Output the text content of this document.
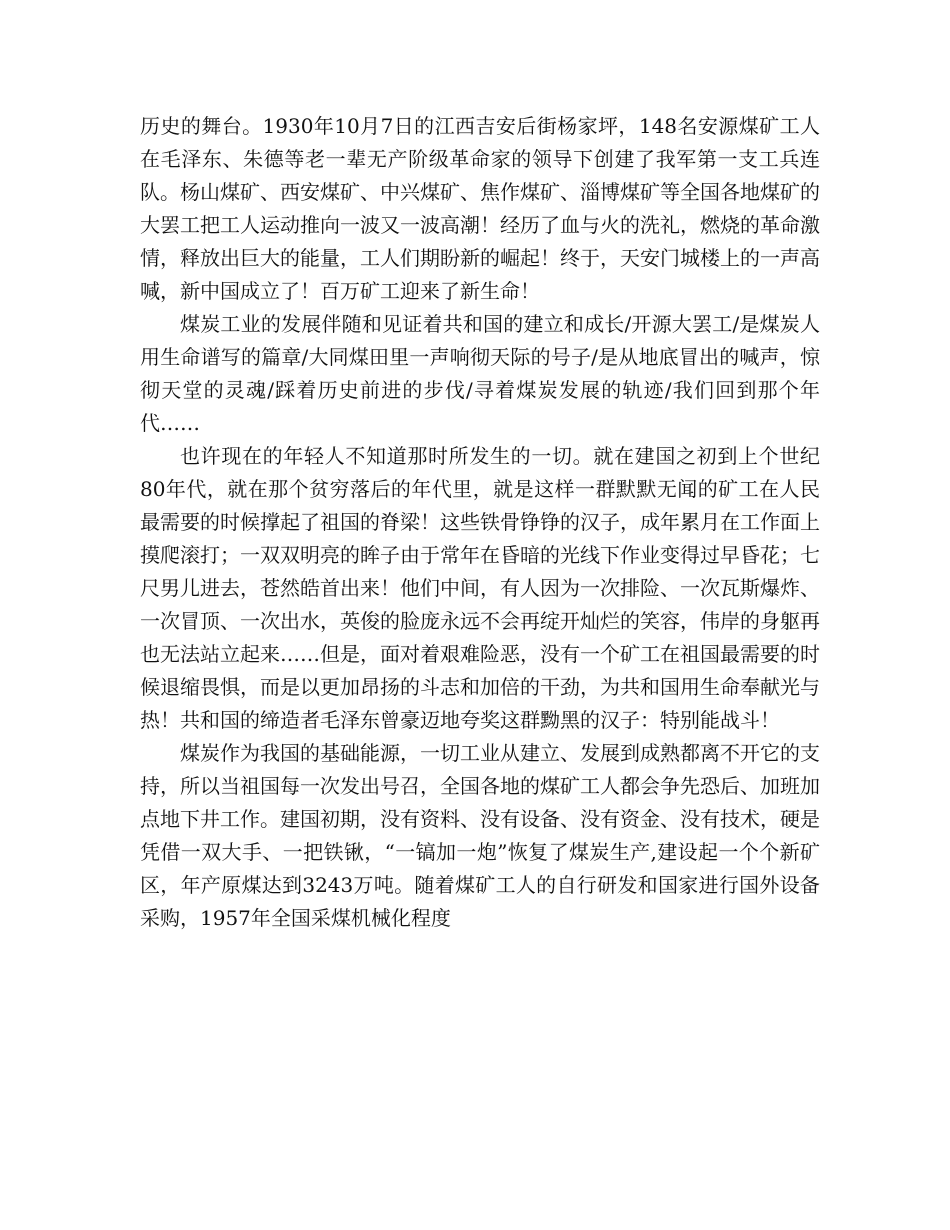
历史的舞台。1930年10月7日的江西吉安后街杨家坪，148名安源煤矿工人在毛泽东、朱德等老一辈无产阶级革命家的领导下创建了我军第一支工兵连队。杨山煤矿、西安煤矿、中兴煤矿、焦作煤矿、淄博煤矿等全国各地煤矿的大罢工把工人运动推向一波又一波高潮！经历了血与火的洗礼，燃烧的革命激情，释放出巨大的能量，工人们期盼新的崛起！终于，天安门城楼上的一声高喊，新中国成立了！百万矿工迎来了新生命！

煤炭工业的发展伴随和见证着共和国的建立和成长/开源大罢工/是煤炭人用生命谱写的篇章/大同煤田里一声响彻天际的号子/是从地底冒出的喊声，惊彻天堂的灵魂/踩着历史前进的步伐/寻着煤炭发展的轨迹/我们回到那个年代……

也许现在的年轻人不知道那时所发生的一切。就在建国之初到上个世纪80年代，就在那个贫穷落后的年代里，就是这样一群默默无闻的矿工在人民最需要的时候撑起了祖国的脊梁！这些铁骨铮铮的汉子，成年累月在工作面上摸爬滚打；一双双明亮的眸子由于常年在昏暗的光线下作业变得过早昏花；七尺男儿进去，苍然皓首出来！他们中间，有人因为一次排险、一次瓦斯爆炸、一次冒顶、一次出水，英俊的脸庞永远不会再绽开灿烂的笑容，伟岸的身躯再也无法站立起来……但是，面对着艰难险恶，没有一个矿工在祖国最需要的时候退缩畏惧，而是以更加昂扬的斗志和加倍的干劲，为共和国用生命奉献光与热！共和国的缔造者毛泽东曾豪迈地夸奖这群黝黑的汉子：特别能战斗！

煤炭作为我国的基础能源，一切工业从建立、发展到成熟都离不开它的支持，所以当祖国每一次发出号召，全国各地的煤矿工人都会争先恐后、加班加点地下井工作。建国初期，没有资料、没有设备、没有资金、没有技术，硬是凭借一双大手、一把铁锹，“一镐加一炮”恢复了煤炭生产,建设起一个个新矿区，年产原煤达到3243万吨。随着煤矿工人的自行研发和国家进行国外设备采购，1957年全国采煤机械化程度
